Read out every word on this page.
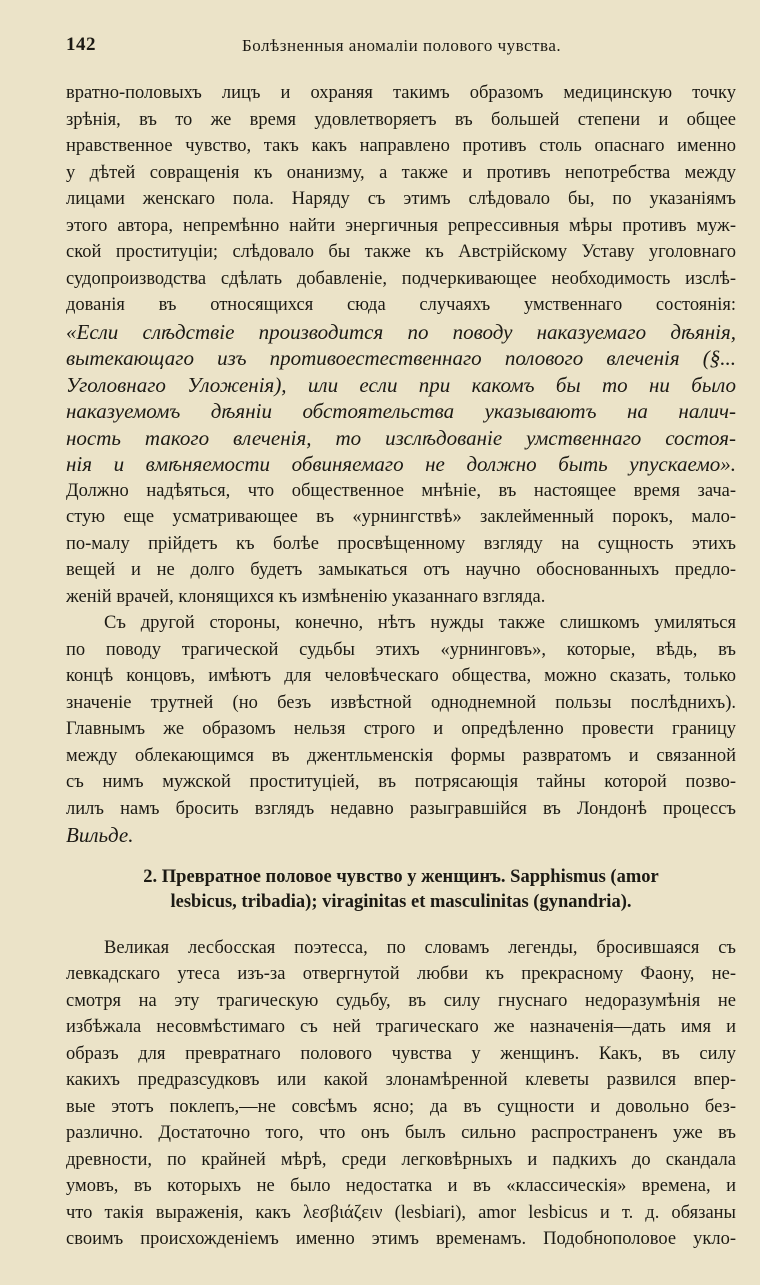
142	Болѣзненныя аномаліи полового чувства.
вратно-половыхъ лицъ и охраняя такимъ образомъ медицинскую точку
зрѣнія, въ то же время удовлетворяетъ въ большей степени и общее
нравственное чувство, такъ какъ направлено противъ столь опаснаго именно
у дѣтей совращенія къ онанизму, а также и противъ непотребства между
лицами женскаго пола. Наряду съ этимъ слѣдовало бы, по указаніямъ
этого автора, непремѣнно найти энергичныя репрессивныя мѣры противъ муж-
ской проституціи; слѣдовало бы также къ Австрійскому Уставу уголовнаго
судопроизводства сдѣлать добавленіе, подчеркивающее необходимость изслѣ-
дованія въ относящихся сюда случаяхъ умственнаго состоянія:
«Если слѣдствіе производится по поводу наказуемаго дѣянія,
вытекающаго изъ противоестественнаго полового влеченія (§...
Уголовнаго Уложенія), или если при какомъ бы то ни было
наказуемомъ дѣяніи обстоятельства указываютъ на налич-
ность такого влеченія, то изслѣдованіе умственнаго состоя-
нія и вмѣняемости обвиняемаго не должно быть упускаемо».
Должно надѣяться, что общественное мнѣніе, въ настоящее время зача-
стую еще усматривающее въ «урнингствѣ» заклейменный порокъ, мало-
по-малу прійдетъ къ болѣе просвѣщенному взгляду на сущность этихъ
вещей и не долго будетъ замыкаться отъ научно обоснованныхъ предло-
женій врачей, клонящихся къ измѣненію указаннаго взгляда.
Съ другой стороны, конечно, нѣтъ нужды также слишкомъ умиляться
по поводу трагической судьбы этихъ «урнинговъ», которые, вѣдь, въ
концѣ концовъ, имѣютъ для человѣческаго общества, можно сказать, только
значеніе трутней (но безъ извѣстной одноднемной пользы послѣднихъ).
Главнымъ же образомъ нельзя строго и опредѣленно провести границу
между облекающимся въ джентльменскія формы развратомъ и связанной
съ нимъ мужской проституціей, въ потрясающія тайны которой позво-
лилъ намъ бросить взглядъ недавно разыгравшійся въ Лондонѣ процессъ
Вильде.
2. Превратное половое чувство у женщинъ. Sapphismus (amor
lesbicus, tribadia); viraginitas et masculinitas (gynandria).
Великая лесбосская поэтесса, по словамъ легенды, бросившаяся съ
левкадскаго утеса изъ-за отвергнутой любви къ прекрасному Фаону, не-
смотря на эту трагическую судьбу, въ силу гнуснаго недоразумѣнія не
избѣжала несовмѣстимаго съ ней трагическаго же назначенія—дать имя и
образъ для превратнаго полового чувства у женщинъ. Какъ, въ силу
какихъ предразсудковъ или какой злонамѣренной клеветы развился впер-
вые этотъ поклепъ,—не совсѣмъ ясно; да въ сущности и довольно без-
различно. Достаточно того, что онъ былъ сильно распространенъ уже въ
древности, по крайней мѣрѣ, среди легковѣрныхъ и падкихъ до скандала
умовъ, въ которыхъ не было недостатка и въ «классическія» времена, и
что такія выраженія, какъ λεσβιάζειν (lesbiari), amor lesbicus и т. д. обязаны
своимъ происхожденіемъ именно этимъ временамъ. Подобнополовое укло-
